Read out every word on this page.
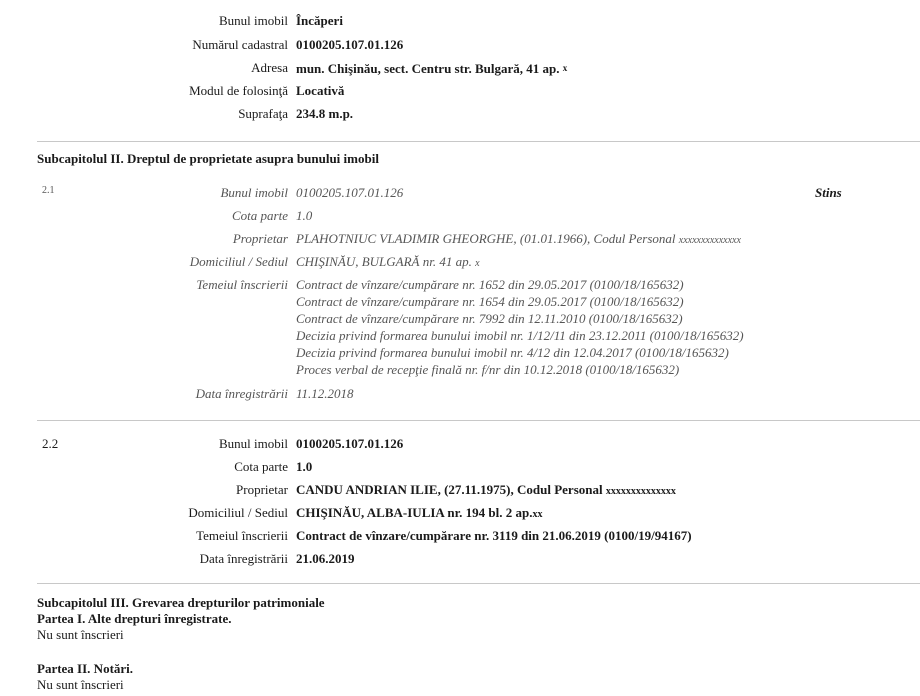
Bunul imobil Încăperi
Numărul cadastral 0100205.107.01.126
Adresa mun. Chişinău, sect. Centru str. Bulgară, 41 ap. $^x$
Modul de folosinţă Locativă
Suprafaţa 234.8 m.p.
Subcapitolul II. Dreptul de proprietate asupra bunului imobil
2.1	Stins
Bunul imobil 0100205.107.01.126
Cota parte 1.0
Proprietar PLAHOTNIUC VLADIMIR GHEORGHE, (01.01.1966), Codul Personal xxxxxxxxxxxxxx
Domiciliul / Sediul CHIŞINĂU, BULGARĂ nr. 41 ap. x
Temeiul înscrierii Contract de vînzare/cumpărare nr. 1652 din 29.05.2017 (0100/18/165632)
Contract de vînzare/cumpărare nr. 1654 din 29.05.2017 (0100/18/165632)
Contract de vînzare/cumpărare nr. 7992 din 12.11.2010 (0100/18/165632)
Decizia privind formarea bunului imobil nr. 1/12/11 din 23.12.2011 (0100/18/165632)
Decizia privind formarea bunului imobil nr. 4/12 din 12.04.2017 (0100/18/165632)
Proces verbal de recepţie finală nr. f/nr din 10.12.2018 (0100/18/165632)
Data înregistrării 11.12.2018
2.2	Bunul imobil 0100205.107.01.126
Cota parte 1.0
Proprietar CANDU ANDRIAN ILIE, (27.11.1975), Codul Personal xxxxxxxxxxxxxx
Domiciliul / Sediul CHIŞINĂU, ALBA-IULIA nr. 194 bl. 2 ap.xx
Temeiul înscrierii Contract de vînzare/cumpărare nr. 3119 din 21.06.2019 (0100/19/94167)
Data înregistrării 21.06.2019
Subcapitolul III. Grevarea drepturilor patrimoniale
Partea I. Alte drepturi înregistrate.
Nu sunt înscrieri
Partea II. Notări.
Nu sunt înscrieri
